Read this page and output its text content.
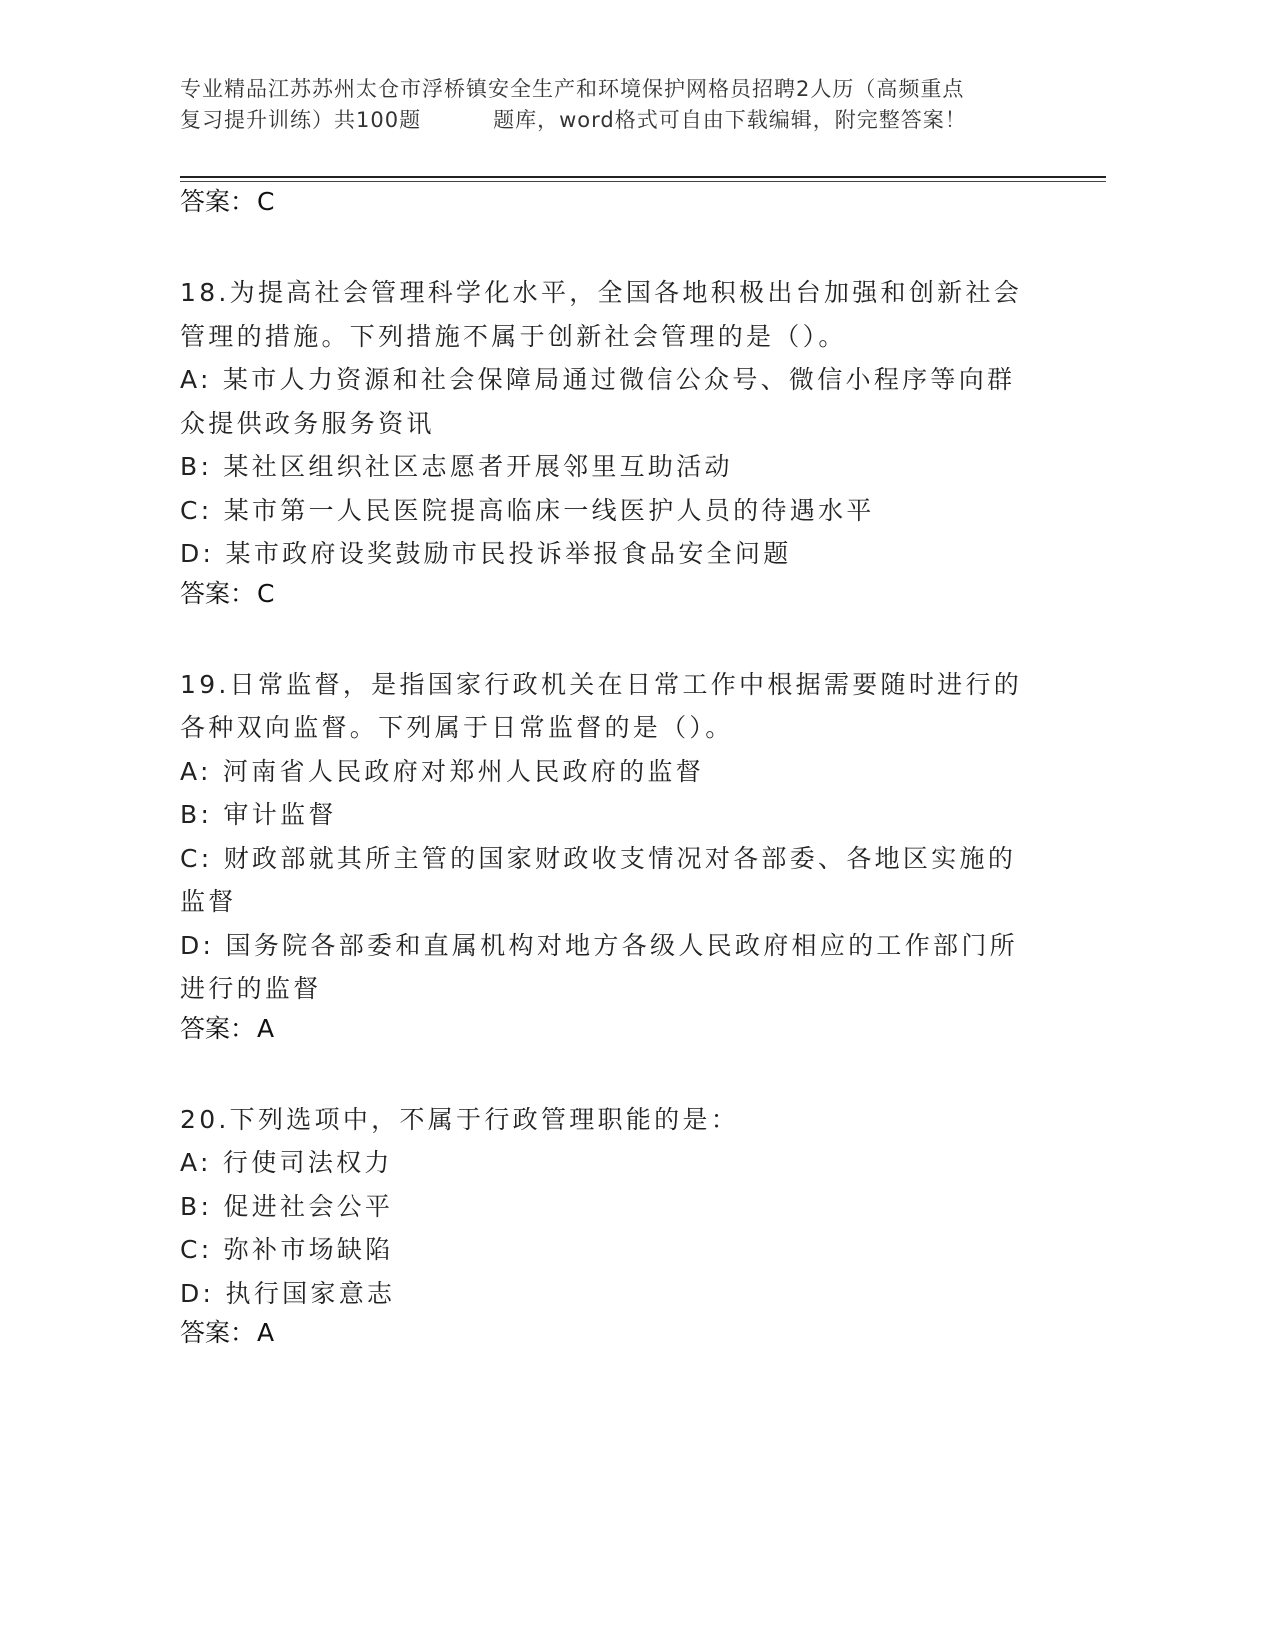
专业精品江苏苏州太仓市浮桥镇安全生产和环境保护网格员招聘2人历（高频重点
复习提升训练）共100题	题库，word格式可自由下载编辑，附完整答案！

答案：C

18.为提高社会管理科学化水平，全国各地积极出台加强和创新社会管理的措施。下列措施不属于创新社会管理的是（）。

A: 某市人力资源和社会保障局通过微信公众号、微信小程序等向群众提供政务服务资讯

B: 某社区组织社区志愿者开展邻里互助活动

C: 某市第一人民医院提高临床一线医护人员的待遇水平

D: 某市政府设奖鼓励市民投诉举报食品安全问题

答案：C

19.日常监督，是指国家行政机关在日常工作中根据需要随时进行的各种双向监督。下列属于日常监督的是（）。

A: 河南省人民政府对郑州人民政府的监督

B: 审计监督

C: 财政部就其所主管的国家财政收支情况对各部委、各地区实施的监督

D: 国务院各部委和直属机构对地方各级人民政府相应的工作部门所进行的监督

答案：A

20.下列选项中，不属于行政管理职能的是：

A: 行使司法权力

B: 促进社会公平

C: 弥补市场缺陷

D: 执行国家意志

答案：A
